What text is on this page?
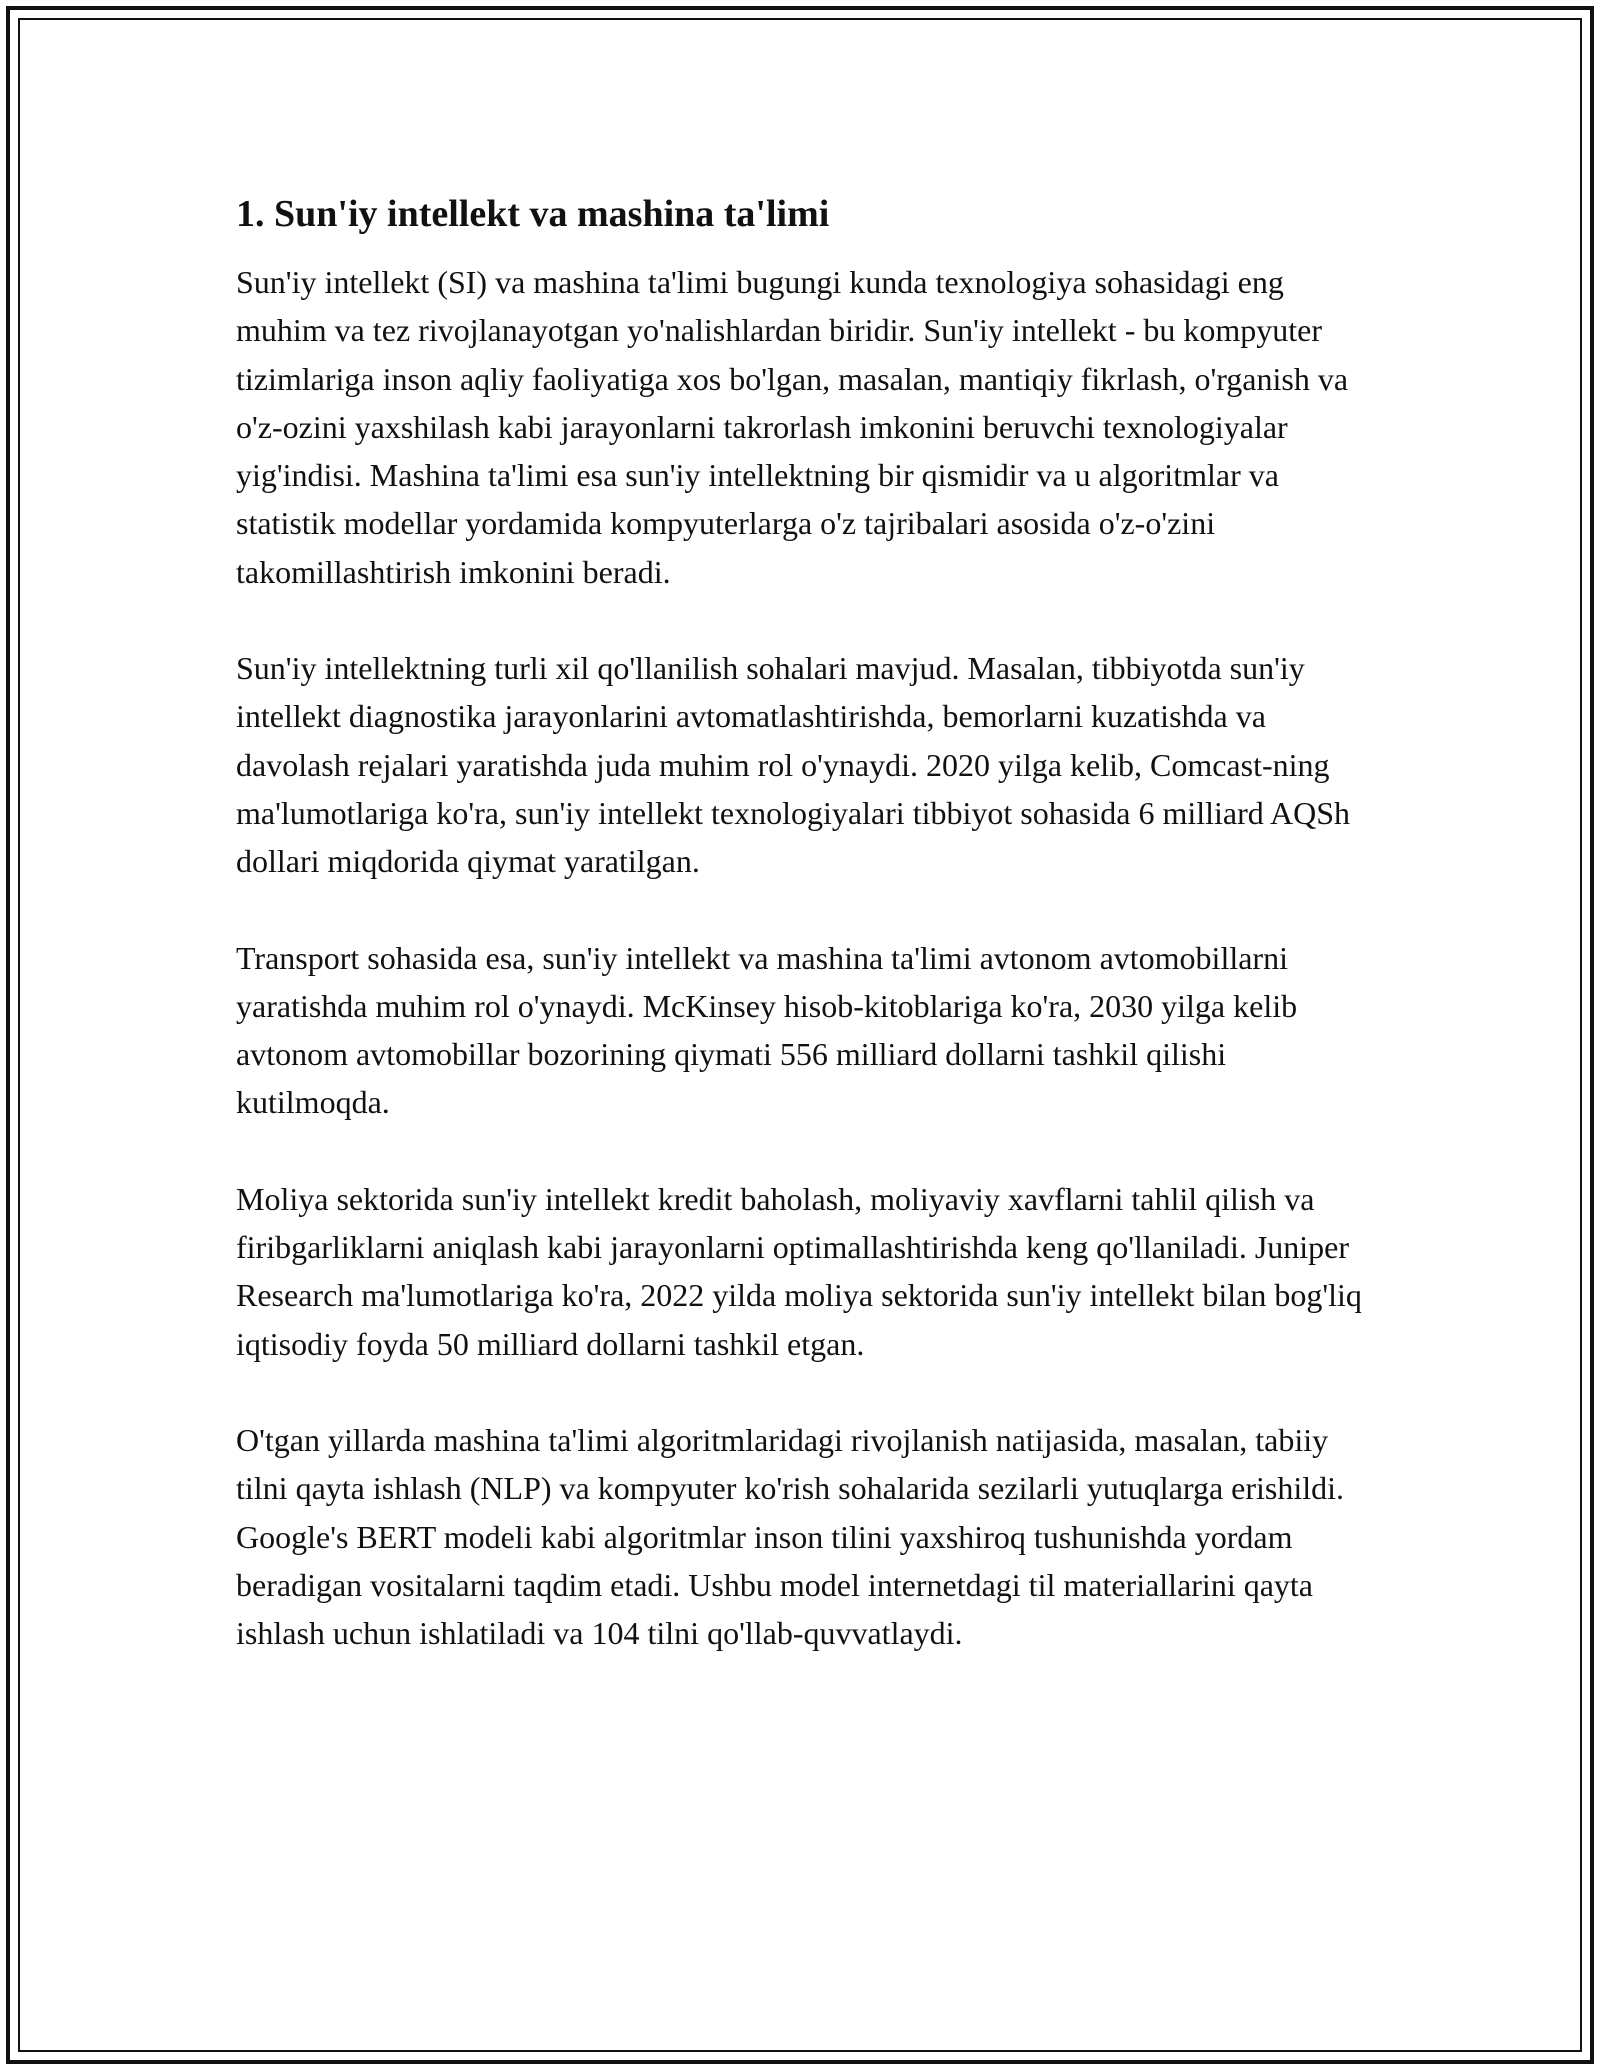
1. Sun'iy intellekt va mashina ta'limi

Sun'iy intellekt (SI) va mashina ta'limi bugungi kunda texnologiya sohasidagi eng muhim va tez rivojlanayotgan yo'nalishlardan biridir. Sun'iy intellekt - bu kompyuter tizimlariga inson aqliy faoliyatiga xos bo'lgan, masalan, mantiqiy fikrlash, o'rganish va o'z-ozini yaxshilash kabi jarayonlarni takrorlash imkonini beruvchi texnologiyalar yig'indisi. Mashina ta'limi esa sun'iy intellektning bir qismidir va u algoritmlar va statistik modellar yordamida kompyuterlarga o'z tajribalari asosida o'z-o'zini takomillashtirish imkonini beradi.

Sun'iy intellektning turli xil qo'llanilish sohalari mavjud. Masalan, tibbiyotda sun'iy intellekt diagnostika jarayonlarini avtomatlashtirishda, bemorlarni kuzatishda va davolash rejalari yaratishda juda muhim rol o'ynaydi. 2020 yilga kelib, Comcast-ning ma'lumotlariga ko'ra, sun'iy intellekt texnologiyalari tibbiyot sohasida 6 milliard AQSh dollari miqdorida qiymat yaratilgan.

Transport sohasida esa, sun'iy intellekt va mashina ta'limi avtonom avtomobillarni yaratishda muhim rol o'ynaydi. McKinsey hisob-kitoblariga ko'ra, 2030 yilga kelib avtonom avtomobillar bozorining qiymati 556 milliard dollarni tashkil qilishi kutilmoqda.

Moliya sektorida sun'iy intellekt kredit baholash, moliyaviy xavflarni tahlil qilish va firibgarliklarni aniqlash kabi jarayonlarni optimallashtirishda keng qo'llaniladi. Juniper Research ma'lumotlariga ko'ra, 2022 yilda moliya sektorida sun'iy intellekt bilan bog'liq iqtisodiy foyda 50 milliard dollarni tashkil etgan.

O'tgan yillarda mashina ta'limi algoritmlaridagi rivojlanish natijasida, masalan, tabiiy tilni qayta ishlash (NLP) va kompyuter ko'rish sohalarida sezilarli yutuqlarga erishildi. Google's BERT modeli kabi algoritmlar inson tilini yaxshiroq tushunishda yordam beradigan vositalarni taqdim etadi. Ushbu model internetdagi til materiallarini qayta ishlash uchun ishlatiladi va 104 tilni qo'llab-quvvatlaydi.
